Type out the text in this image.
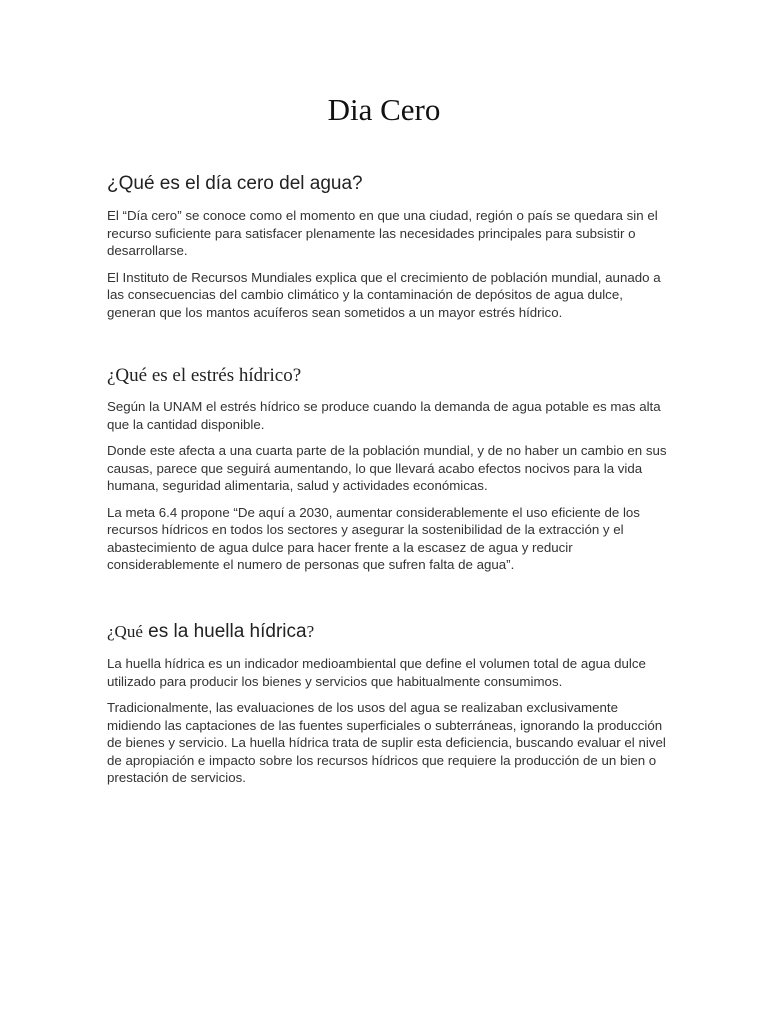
Dia Cero
¿Qué es el día cero del agua?

El “Día cero” se conoce como el momento en que una ciudad, región o país se quedara sin el recurso suficiente para satisfacer plenamente las necesidades principales para subsistir o desarrollarse.

El Instituto de Recursos Mundiales explica que el crecimiento de población mundial, aunado a las consecuencias del cambio climático y la contaminación de depósitos de agua dulce, generan que los mantos acuíferos sean sometidos a un mayor estrés hídrico.

¿Qué es el estrés hídrico?

Según la UNAM el estrés hídrico se produce cuando la demanda de agua potable es mas alta que la cantidad disponible.

Donde este afecta a una cuarta parte de la población mundial, y de no haber un cambio en sus causas, parece que seguirá aumentando, lo que llevará acabo efectos nocivos para la vida humana, seguridad alimentaria, salud y actividades económicas.

La meta 6.4 propone “De aquí a 2030, aumentar considerablemente el uso eficiente de los recursos hídricos en todos los sectores y asegurar la sostenibilidad de la extracción y el abastecimiento de agua dulce para hacer frente a la escasez de agua y reducir considerablemente el numero de personas que sufren falta de agua”.

¿Qué es la huella hídrica?

La huella hídrica es un indicador medioambiental que define el volumen total de agua dulce utilizado para producir los bienes y servicios que habitualmente consumimos.

Tradicionalmente, las evaluaciones de los usos del agua se realizaban exclusivamente midiendo las captaciones de las fuentes superficiales o subterráneas, ignorando la producción de bienes y servicio. La huella hídrica trata de suplir esta deficiencia, buscando evaluar el nivel de apropiación e impacto sobre los recursos hídricos que requiere la producción de un bien o prestación de servicios.
